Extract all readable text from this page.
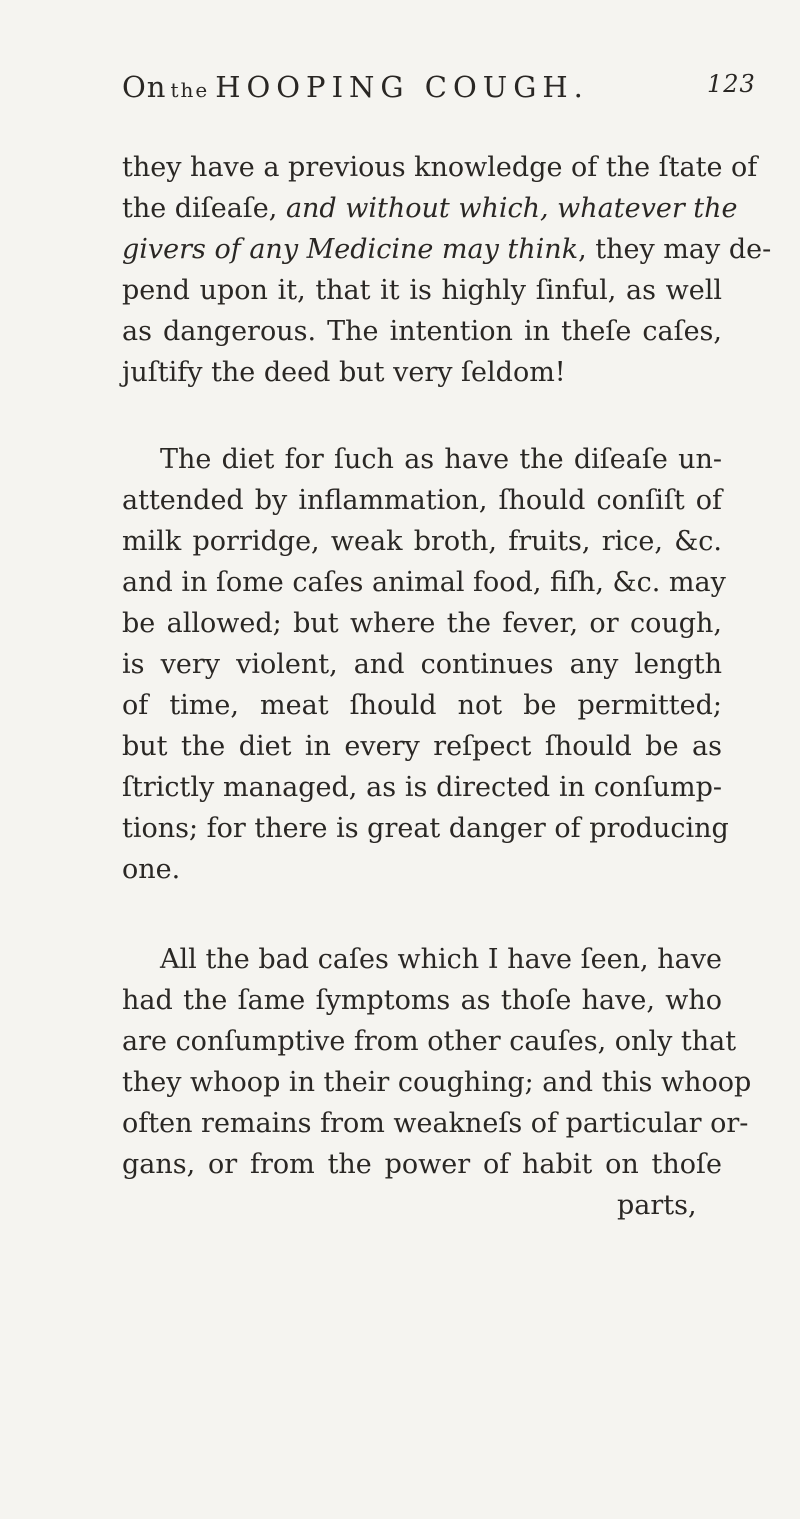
On the HOOPING COUGH.	123
they have a previous knowledge of the ſtate of
the diſeaſe, and without which, whatever the
givers of any Medicine may think, they may de-
pend upon it, that it is highly ſinful, as well
as dangerous. The intention in theſe caſes,
juſtify the deed but very ſeldom!
The diet for ſuch as have the diſeaſe un-
attended by inflammation, ſhould conſiſt of
milk porridge, weak broth, fruits, rice, &c.
and in ſome caſes animal food, fiſh, &c. may
be allowed; but where the fever, or cough,
is very violent, and continues any length
of time, meat ſhould not be permitted;
but the diet in every reſpect ſhould be as
ſtrictly managed, as is directed in conſump-
tions; for there is great danger of producing
one.
All the bad caſes which I have ſeen, have
had the ſame ſymptoms as thoſe have, who
are conſumptive from other cauſes, only that
they whoop in their coughing; and this whoop
often remains from weakneſs of particular or-
gans, or from the power of habit on thoſe
parts,
